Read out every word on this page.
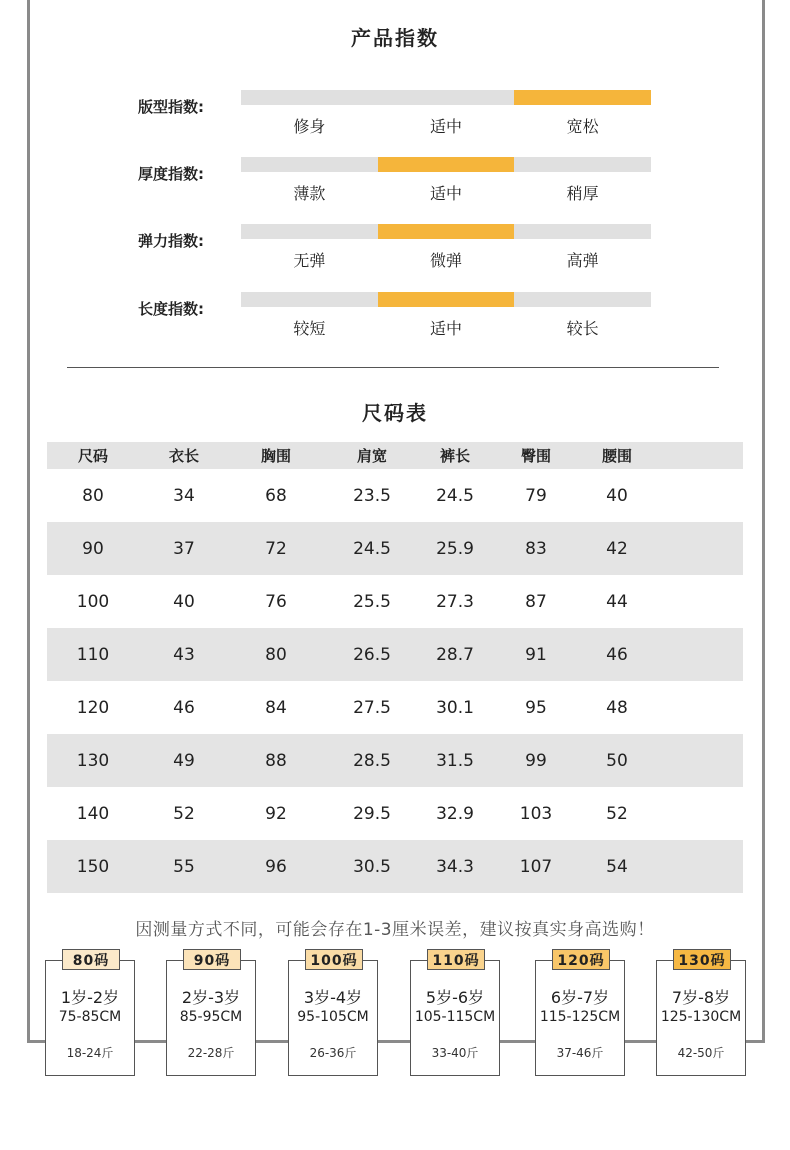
产品指数
版型指数:
修身	适中	宽松
厚度指数:
薄款	适中	稍厚
弹力指数:
无弹	微弹	高弹
长度指数:
较短	适中	较长
尺码表
尺码	衣长	胸围	肩宽	裤长	臀围	腰围
80	34	68	23.5	24.5	79	40
90	37	72	24.5	25.9	83	42
100	40	76	25.5	27.3	87	44
110	43	80	26.5	28.7	91	46
120	46	84	27.5	30.1	95	48
130	49	88	28.5	31.5	99	50
140	52	92	29.5	32.9	103	52
150	55	96	30.5	34.3	107	54

因测量方式不同，可能会存在1-3厘米误差，建议按真实身高选购！

80码
1岁-2岁
75-85CM
18-24斤
90码
2岁-3岁
85-95CM
22-28斤
100码
3岁-4岁
95-105CM
26-36斤
110码
5岁-6岁
105-115CM
33-40斤
120码
6岁-7岁
115-125CM
37-46斤
130码
7岁-8岁
125-130CM
42-50斤
